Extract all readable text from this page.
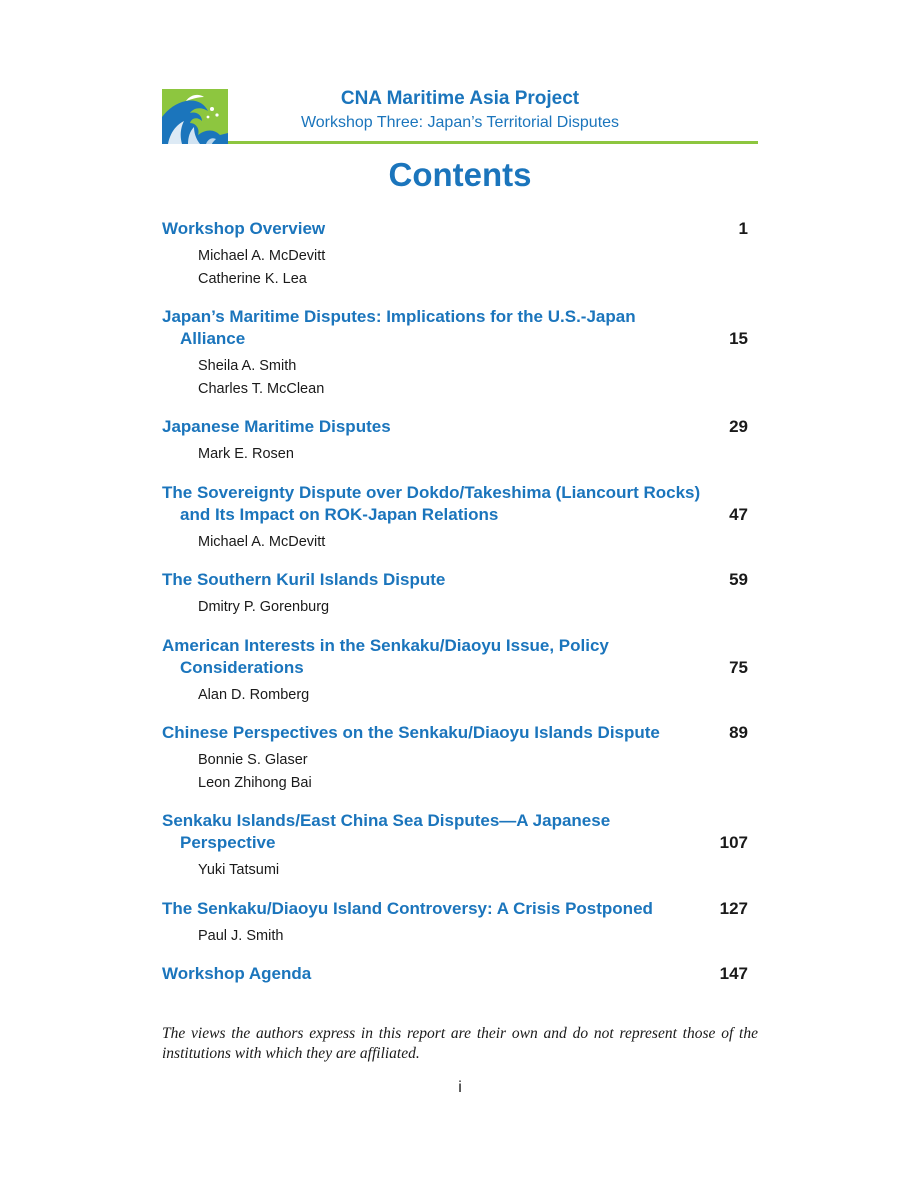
CNA Maritime Asia Project
Workshop Three: Japan’s Territorial Disputes
Contents
Workshop Overview	1
Michael A. McDevitt
Catherine K. Lea
Japan’s Maritime Disputes: Implications for the U.S.-Japan
Alliance	15
Sheila A. Smith
Charles T. McClean
Japanese Maritime Disputes	29
Mark E. Rosen
The Sovereignty Dispute over Dokdo/Takeshima (Liancourt Rocks)
and Its Impact on ROK-Japan Relations	47
Michael A. McDevitt
The Southern Kuril Islands Dispute	59
Dmitry P. Gorenburg
American Interests in the Senkaku/Diaoyu Issue, Policy
Considerations	75
Alan D. Romberg
Chinese Perspectives on the Senkaku/Diaoyu Islands Dispute	89
Bonnie S. Glaser
Leon Zhihong Bai
Senkaku Islands/East China Sea Disputes—A Japanese
Perspective	107
Yuki Tatsumi
The Senkaku/Diaoyu Island Controversy: A Crisis Postponed	127
Paul J. Smith
Workshop Agenda	147

The views the authors express in this report are their own and do not represent those of the institutions with which they are affiliated.

i
